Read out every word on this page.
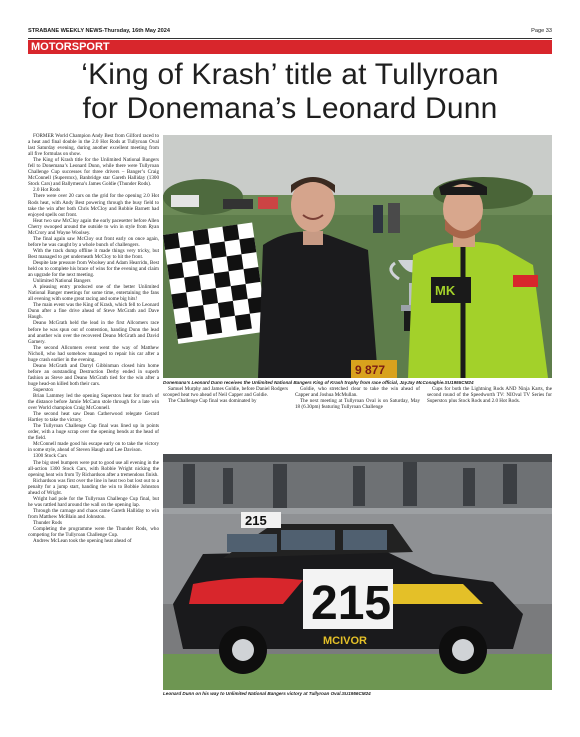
STRABANE WEEKLY NEWS-Thursday, 16th May 2024	Page 33
MOTORSPORT
‘King of Krash’ title at Tullyroan
for Donemana’s Leonard Dunn

FORMER World Champion Andy Best from Gilford raced to a heat and final double in the 2.0 Hot Rods at Tullyroan Oval last Saturday evening, during another excellent meeting from all five formulas on show.

The King of Krash title for the Unlimited National Bangers fell to Donemana’s Leonard Dunn, while there were Tullyroan Challenge Cup successes for three drivers – Banger’s Craig McConnell (Superstox), Banbridge star Gareth Halliday (1300 Stock Cars) and Ballymena’s James Goldie (Thunder Rods).

2.0 Hot Rods

There were over 20 cars on the grid for the opening 2.0 Hot Rods heat, with Andy Best powering through the busy field to take the win after both Chris McCloy and Robbie Barnett had enjoyed spells out front.

Heat two saw McCloy again the early pacesetter before Allen Cherry swooped around the outside to win in style from Ryan McCrory and Wayne Woolsey.

The final again saw McCloy out front early on once again, before he was caught by a whole bunch of challengers.

With the track dump offline it made things very tricky, but Best managed to get underneath McCloy to hit the front.

Despite late pressure from Woolsey and Adam Hearridn, Best held on to complete his brace of wins for the evening and claim an upgrade for the next meeting.

Unlimited National Bangers

A pleasing entry produced one of the better Unlimited National Banger meetings for some time, entertaining the fans all evening with some great racing and some big hits!

The main event was the King of Krash, which fell to Leonard Dunn after a fine drive ahead of Steve McGrath and Dave Haugh.

Deano McGrath held the lead in the first Allcomers race before he was spun out of contention, handing Dunn the lead and another win over the recovered Deano McGrath and David Garnery.

The second Allcomers event went the way of Matthew Nicholl, who had somehow managed to repair his car after a huge crash earlier in the evening.

Deano McGrath and Darryl Gibbinman closed him home before an outstanding Destruction Derby ended in superb fashion as Steve and Deano McGrath tied for the win after a huge head-on killed both their cars.

Superstox

Brian Lammey led the opening Superstox heat for much of the distance before Jamie McCann stole through for a late win over World champion Craig McConnell.

The second heat saw Dean Catherwood relegate Gerard Hartley to take the victory.

The Tullyroan Challenge Cup final was lined up in points order, with a huge scrap over the opening bends at the head of the field.

McConnell made good his escape early on to take the victory in some style, ahead of Steven Haugh and Lee Davison.

1300 Stock Cars

The big steel bumpers were put to good use all evening in the all-action 1300 Stock Cars, with Robbie Wright nicking the opening heat win from Ty Richardson after a tremendous finish.

Richardson was first over the line in heat two but lost out to a penalty for a jump start, handing the win to Bobbie Johnston ahead of Wright.

Wright had pole for the Tullyroan Challenge Cup final, but he was rattled hard around the wall on the opening lap.

Through the carnage and chaos came Gareth Halliday to win from Matthew McBlain and Johnston.

Thunder Rods

Completing the programme were the Thunder Rods, who competing for the Tullyroan Challenge Cup.

Andrew McLean took the opening heat ahead of

MK
9 877
Donemana’s Leonard Dunn receives the Unlimited National Bangers King of Krash trophy from race official, JayJay McConaghie.SU1955CM24

Samuel Murphy and James Goldie, before Daniel Rodgers scooped heat two ahead of Neil Capper and Goldie.

The Challenge Cup final was dominated by

Goldie, who stretched clear to take the win ahead of Capper and Joshua McMullan.

The next meeting at Tullyroan Oval is on Saturday, May 18 (6.30pm) featuring Tullyroan Challenge

Cups for both the Lightning Rods AND Ninja Karts, the second round of the Speedworth TV: NIOval TV Series for Superstox plus Stock Rods and 2.0 Hot Rods.

215
215
MCIVOR
Leonard Dunn on his way to Unlimited National Bangers victory at Tullyroan Oval.SU1956CM24
